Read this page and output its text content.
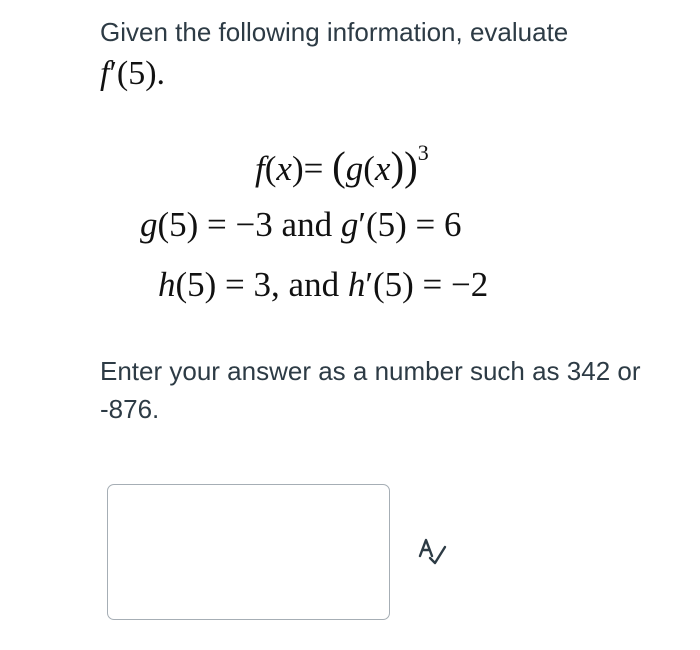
Given the following information, evaluate
f′(5).
$f(x)= (g(x))^3$
g(5) = −3 and g′(5) = 6
h(5) = 3, and h′(5) = −2
Enter your answer as a number such as 342 or -876.
